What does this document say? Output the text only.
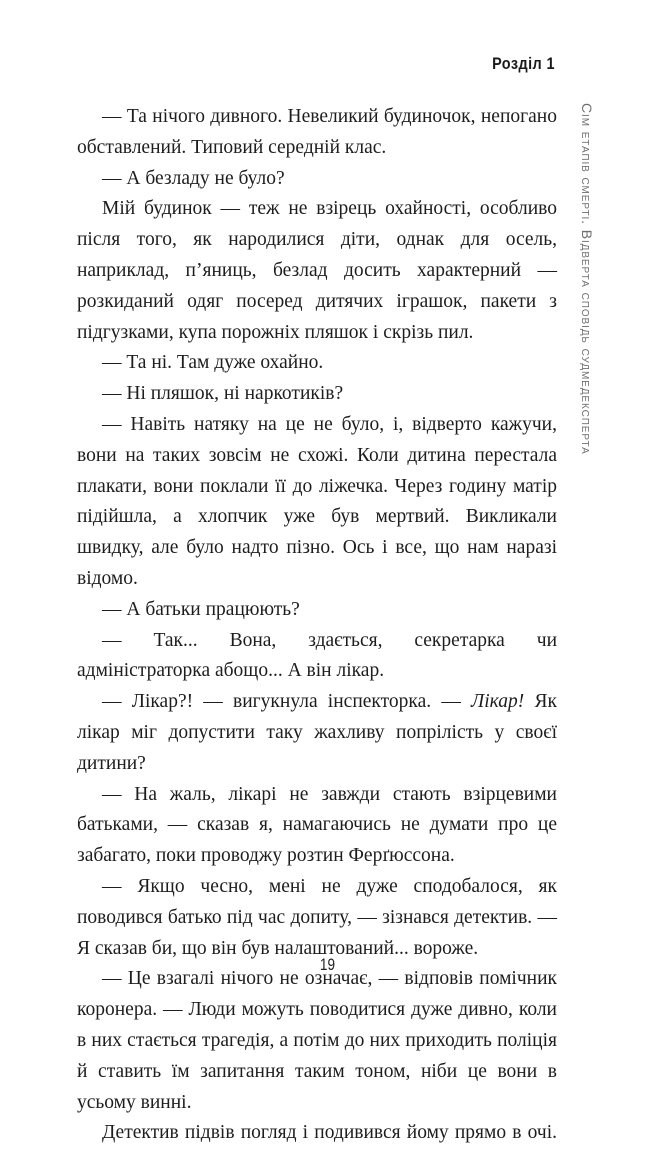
Розділ 1
Сім етапів смерті. Відверта сповідь судмедексперта

— Та нічого дивного. Невеликий будиночок, непогано обставлений. Типовий середній клас.

— А безладу не було?

Мій будинок — теж не взірець охайності, особливо після того, як народилися діти, однак для осель, наприклад, п’яниць, безлад досить характерний — розкиданий одяг посеред дитячих іграшок, пакети з підгузками, купа порожніх пляшок і скрізь пил.

— Та ні. Там дуже охайно.

— Ні пляшок, ні наркотиків?

— Навіть натяку на це не було, і, відверто кажучи, вони на таких зовсім не схожі. Коли дитина перестала плакати, вони поклали її до ліжечка. Через годину матір підійшла, а хлопчик уже був мертвий. Викликали швидку, але було надто пізно. Ось і все, що нам наразі відомо.

— А батьки працюють?

— Так... Вона, здається, секретарка чи адміністраторка абощо... А він лікар.

— Лікар?! — вигукнула інспекторка. — Лікар! Як лікар міг допустити таку жахливу попрілість у своєї дитини?

— На жаль, лікарі не завжди стають взірцевими батьками, — сказав я, намагаючись не думати про це забагато, поки проводжу розтин Ферґюссона.

— Якщо чесно, мені не дуже сподобалося, як поводився батько під час допиту, — зізнався детектив. — Я сказав би, що він був налаштований... вороже.

— Це взагалі нічого не означає, — відповів помічник коронера. — Люди можуть поводитися дуже дивно, коли в них стається трагедія, а потім до них приходить поліція й ставить їм запитання таким тоном, ніби це вони в усьому винні.

Детектив підвів погляд і подивився йому прямо в очі.

19
